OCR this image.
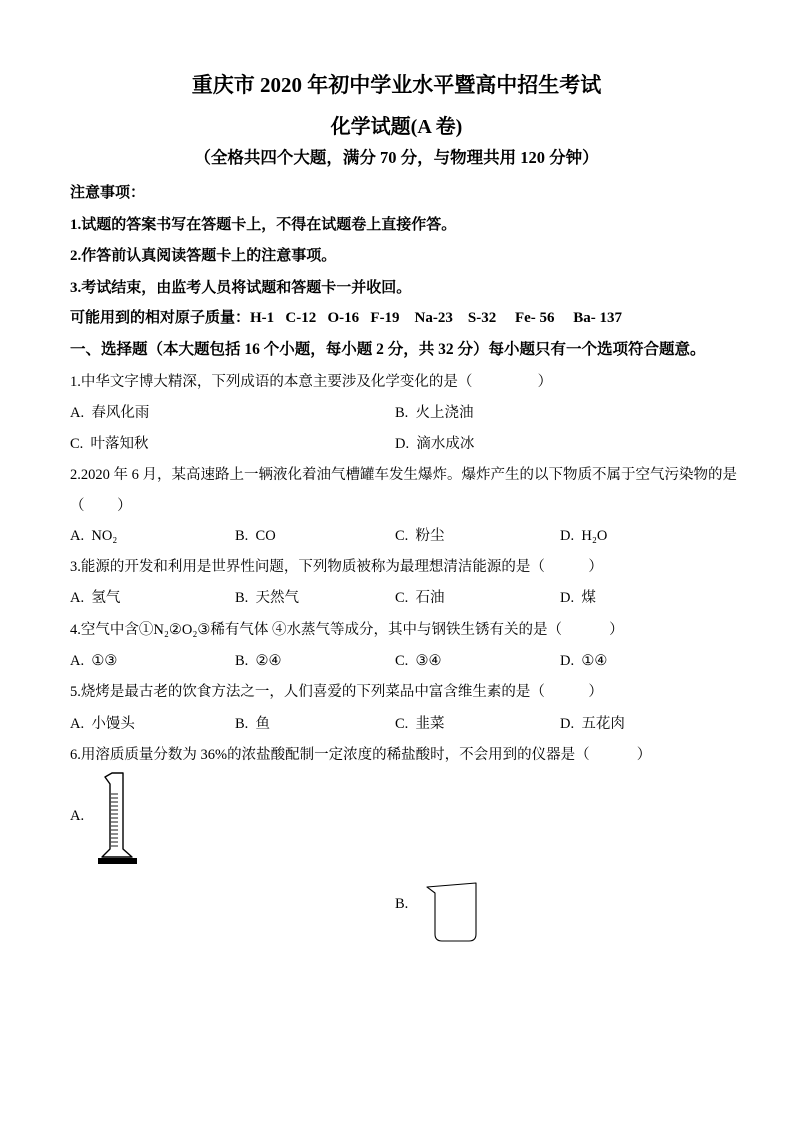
重庆市 2020 年初中学业水平暨高中招生考试
化学试题(A 卷)
（全格共四个大题，满分 70 分，与物理共用 120 分钟）
注意事项：
1.试题的答案书写在答题卡上，不得在试题卷上直接作答。
2.作答前认真阅读答题卡上的注意事项。
3.考试结束，由监考人员将试题和答题卡一并收回。
可能用到的相对原子质量：H-1   C-12   O-16   F-19    Na-23    S-32     Fe- 56     Ba- 137
一、选择题（本大题包括 16 个小题，每小题 2 分，共 32 分）每小题只有一个选项符合题意。
1.中华文字博大精深，下列成语的本意主要涉及化学变化的是（                  ）
A.  春风化雨	B.  火上浇油
C.  叶落知秋	D.  滴水成冰
2.2020 年 6 月，某高速路上一辆液化着油气槽罐车发生爆炸。爆炸产生的以下物质不属于空气污染物的是
（         ）
A.  NO₂	B.  CO	C.  粉尘	D.  H₂O
3.能源的开发和利用是世界性问题，下列物质被称为最理想清洁能源的是（            ）
A.  氢气	B.  天然气	C.  石油	D.  煤
4.空气中含①N₂②O₂③稀有气体 ④水蒸气等成分，其中与钢铁生锈有关的是（             ）
A.  ①③	B.  ②④	C.  ③④	D.  ①④
5.烧烤是最古老的饮食方法之一，人们喜爱的下列菜品中富含维生素的是（            ）
A.  小馒头	B.  鱼	C.  韭菜	D.  五花肉
6.用溶质质量分数为 36%的浓盐酸配制一定浓度的稀盐酸时，不会用到的仪器是（             ）
A.
B.
